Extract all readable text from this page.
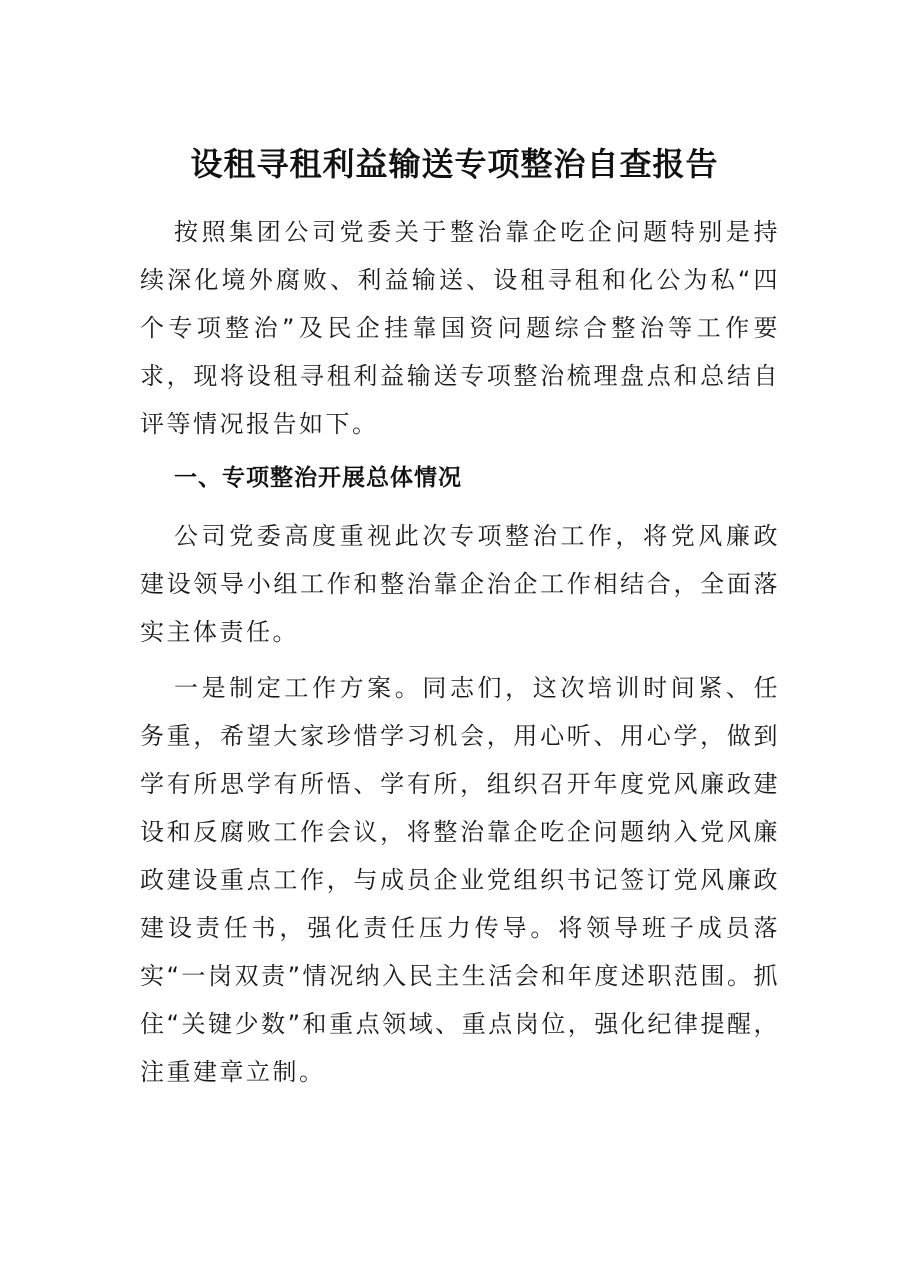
设租寻租利益输送专项整治自查报告

按照集团公司党委关于整治靠企吃企问题特别是持续深化境外腐败、利益输送、设租寻租和化公为私“四个专项整治”及民企挂靠国资问题综合整治等工作要求，现将设租寻租利益输送专项整治梳理盘点和总结自评等情况报告如下。

一、专项整治开展总体情况

公司党委高度重视此次专项整治工作，将党风廉政建设领导小组工作和整治靠企治企工作相结合，全面落实主体责任。

一是制定工作方案。同志们，这次培训时间紧、任务重，希望大家珍惜学习机会，用心听、用心学，做到学有所思学有所悟、学有所，组织召开年度党风廉政建设和反腐败工作会议，将整治靠企吃企问题纳入党风廉政建设重点工作，与成员企业党组织书记签订党风廉政建设责任书，强化责任压力传导。将领导班子成员落实“一岗双责”情况纳入民主生活会和年度述职范围。抓住“关键少数”和重点领域、重点岗位，强化纪律提醒，注重建章立制。
